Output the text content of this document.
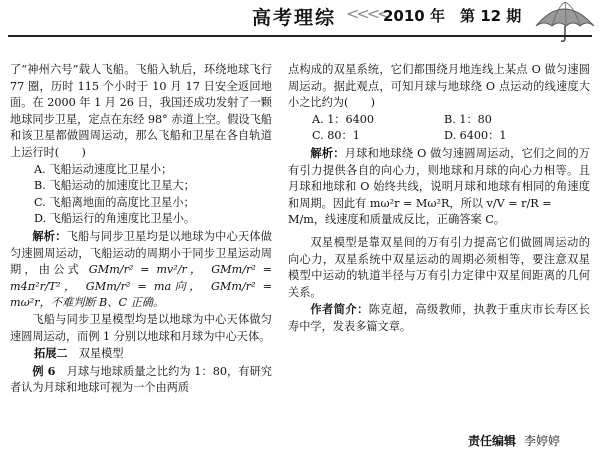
高考理综 <<<<
2010 年　第 12 期

了“神州六号”载人飞船。飞船入轨后，环绕地球飞行 77 圈，历时 115 个小时于 10 月 17 日安全返回地面。在 2000 年 1 月 26 日，我国还成功发射了一颗地球同步卫星，定点在东经 98° 赤道上空。假设飞船和该卫星都做圆周运动，那么飞船和卫星在各自轨道上运行时(　　)

A. 飞船运动速度比卫星小；

B. 飞船运动的加速度比卫星大；

C. 飞船离地面的高度比卫星小；

D. 飞船运行的角速度比卫星小。

解析：飞船与同步卫星均是以地球为中心天体做匀速圆周运动，飞船运动的周期小于同步卫星运动周期，由公式 GMm/r² = mv²/r， GMm/r² = m4π²r/T²， GMm/r² = ma向， GMm/r² = mω²r，不难判断 B、C 正确。

飞船与同步卫星模型均是以地球为中心天体做匀速圆周运动，而例 1 分别以地球和月球为中心天体。

拓展二　 双星模型

例 6　 月球与地球质量之比约为 1：80，有研究者认为月球和地球可视为一个由两质

点构成的双星系统，它们都围绕月地连线上某点 O 做匀速圆周运动。据此观点，可知月球与地球绕 O 点运动的线速度大小之比约为(　　)

A. 1：6400	B. 1：80
C. 80：1	D. 6400：1

解析：月球和地球绕 O 做匀速圆周运动，它们之间的万有引力提供各自的向心力，则地球和月球的向心力相等。且月球和地球和 O 始终共线，说明月球和地球有相同的角速度和周期。因此有 mω²r = Mω²R，所以 v/V = r/R =

M/m，线速度和质量成反比，正确答案 C。

双星模型是靠双星间的万有引力提高它们做圆周运动的向心力，双星系统中双星运动的周期必须相等，要注意双星模型中运动的轨道半径与万有引力定律中双星间距离的几何关系。

作者简介：陈克超，高级教师，执教于重庆市长寿区长寿中学，发表多篇文章。

责任编辑 李婷婷
